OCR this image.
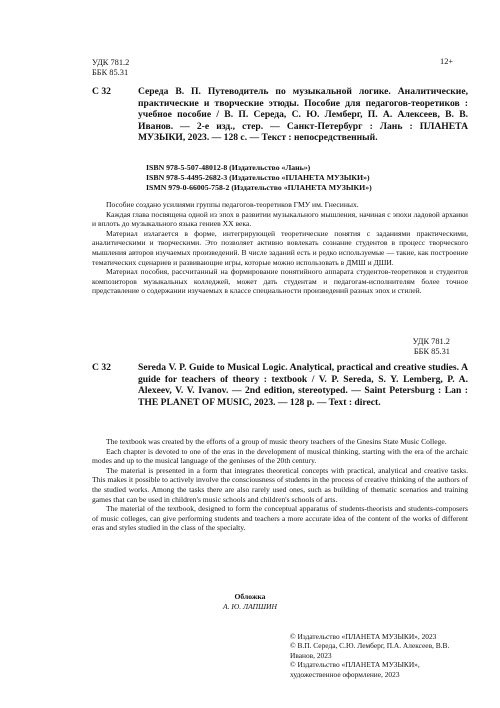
УДК 781.2
ББК 85.31
12+
С 32	Середа В. П. Путеводитель по музыкальной логике. Аналитические, практические и творческие этюды. Пособие для педагогов-теоретиков : учебное пособие / В. П. Середа, С. Ю. Лемберг, П. А. Алексеев, В. В. Иванов. — 2-е изд., стер. — Санкт-Петербург : Лань : ПЛАНЕТА МУЗЫКИ, 2023. — 128 с. — Текст : непосредственный.
ISBN 978-5-507-48012-8 (Издательство «Лань»)
ISBN 978-5-4495-2682-3 (Издательство «ПЛАНЕТА МУЗЫКИ»)
ISMN 979-0-66005-758-2 (Издательство «ПЛАНЕТА МУЗЫКИ»)

Пособие создано усилиями группы педагогов-теоретиков ГМУ им. Гнесиных.

Каждая глава посвящена одной из эпох в развитии музыкального мышления, начиная с эпохи ладовой архаики и вплоть до музыкального языка гениев XX века.

Материал излагается в форме, интегрирующей теоретические понятия с заданиями практическими, аналитическими и творческими. Это позволяет активно вовлекать сознание студентов в процесс творческого мышления авторов изучаемых произведений. В числе заданий есть и редко используемые — такие, как построение тематических сценариев и развивающие игры, которые можно использовать в ДМШ и ДШИ.

Материал пособия, рассчитанный на формирование понятийного аппарата студентов-теоретиков и студентов композиторов музыкальных колледжей, может дать студентам и педагогам-исполнителям более точное представление о содержании изучаемых в классе специальности произведений разных эпох и стилей.

УДК 781.2
ББК 85.31
С 32	Sereda V. P. Guide to Musical Logic. Analytical, practical and creative studies. A guide for teachers of theory : textbook / V. P. Sereda, S. Y. Lemberg, P. A. Alexeev, V. V. Ivanov. — 2nd edition, stereotyped. — Saint Petersburg : Lan : THE PLANET OF MUSIC, 2023. — 128 p. — Text : direct.

The textbook was created by the efforts of a group of music theory teachers of the Gnesins State Music College.

Each chapter is devoted to one of the eras in the development of musical thinking, starting with the era of the archaic modes and up to the musical language of the geniuses of the 20th century.

The material is presented in a form that integrates theoretical concepts with practical, analytical and creative tasks. This makes it possible to actively involve the consciousness of students in the process of creative thinking of the authors of the studied works. Among the tasks there are also rarely used ones, such as building of thematic scenarios and training games that can be used in children's music schools and children's schools of arts.

The material of the textbook, designed to form the conceptual apparatus of students-theorists and students-composers of music colleges, can give performing students and teachers a more accurate idea of the content of the works of different eras and styles studied in the class of the specialty.

Обложка
А. Ю. ЛАПШИН
© Издательство «ПЛАНЕТА МУЗЫКИ», 2023
© В.П. Середа, С.Ю. Лемберг, П.А. Алексеев, В.В. Иванов, 2023
© Издательство «ПЛАНЕТА МУЗЫКИ», художественное оформление, 2023
